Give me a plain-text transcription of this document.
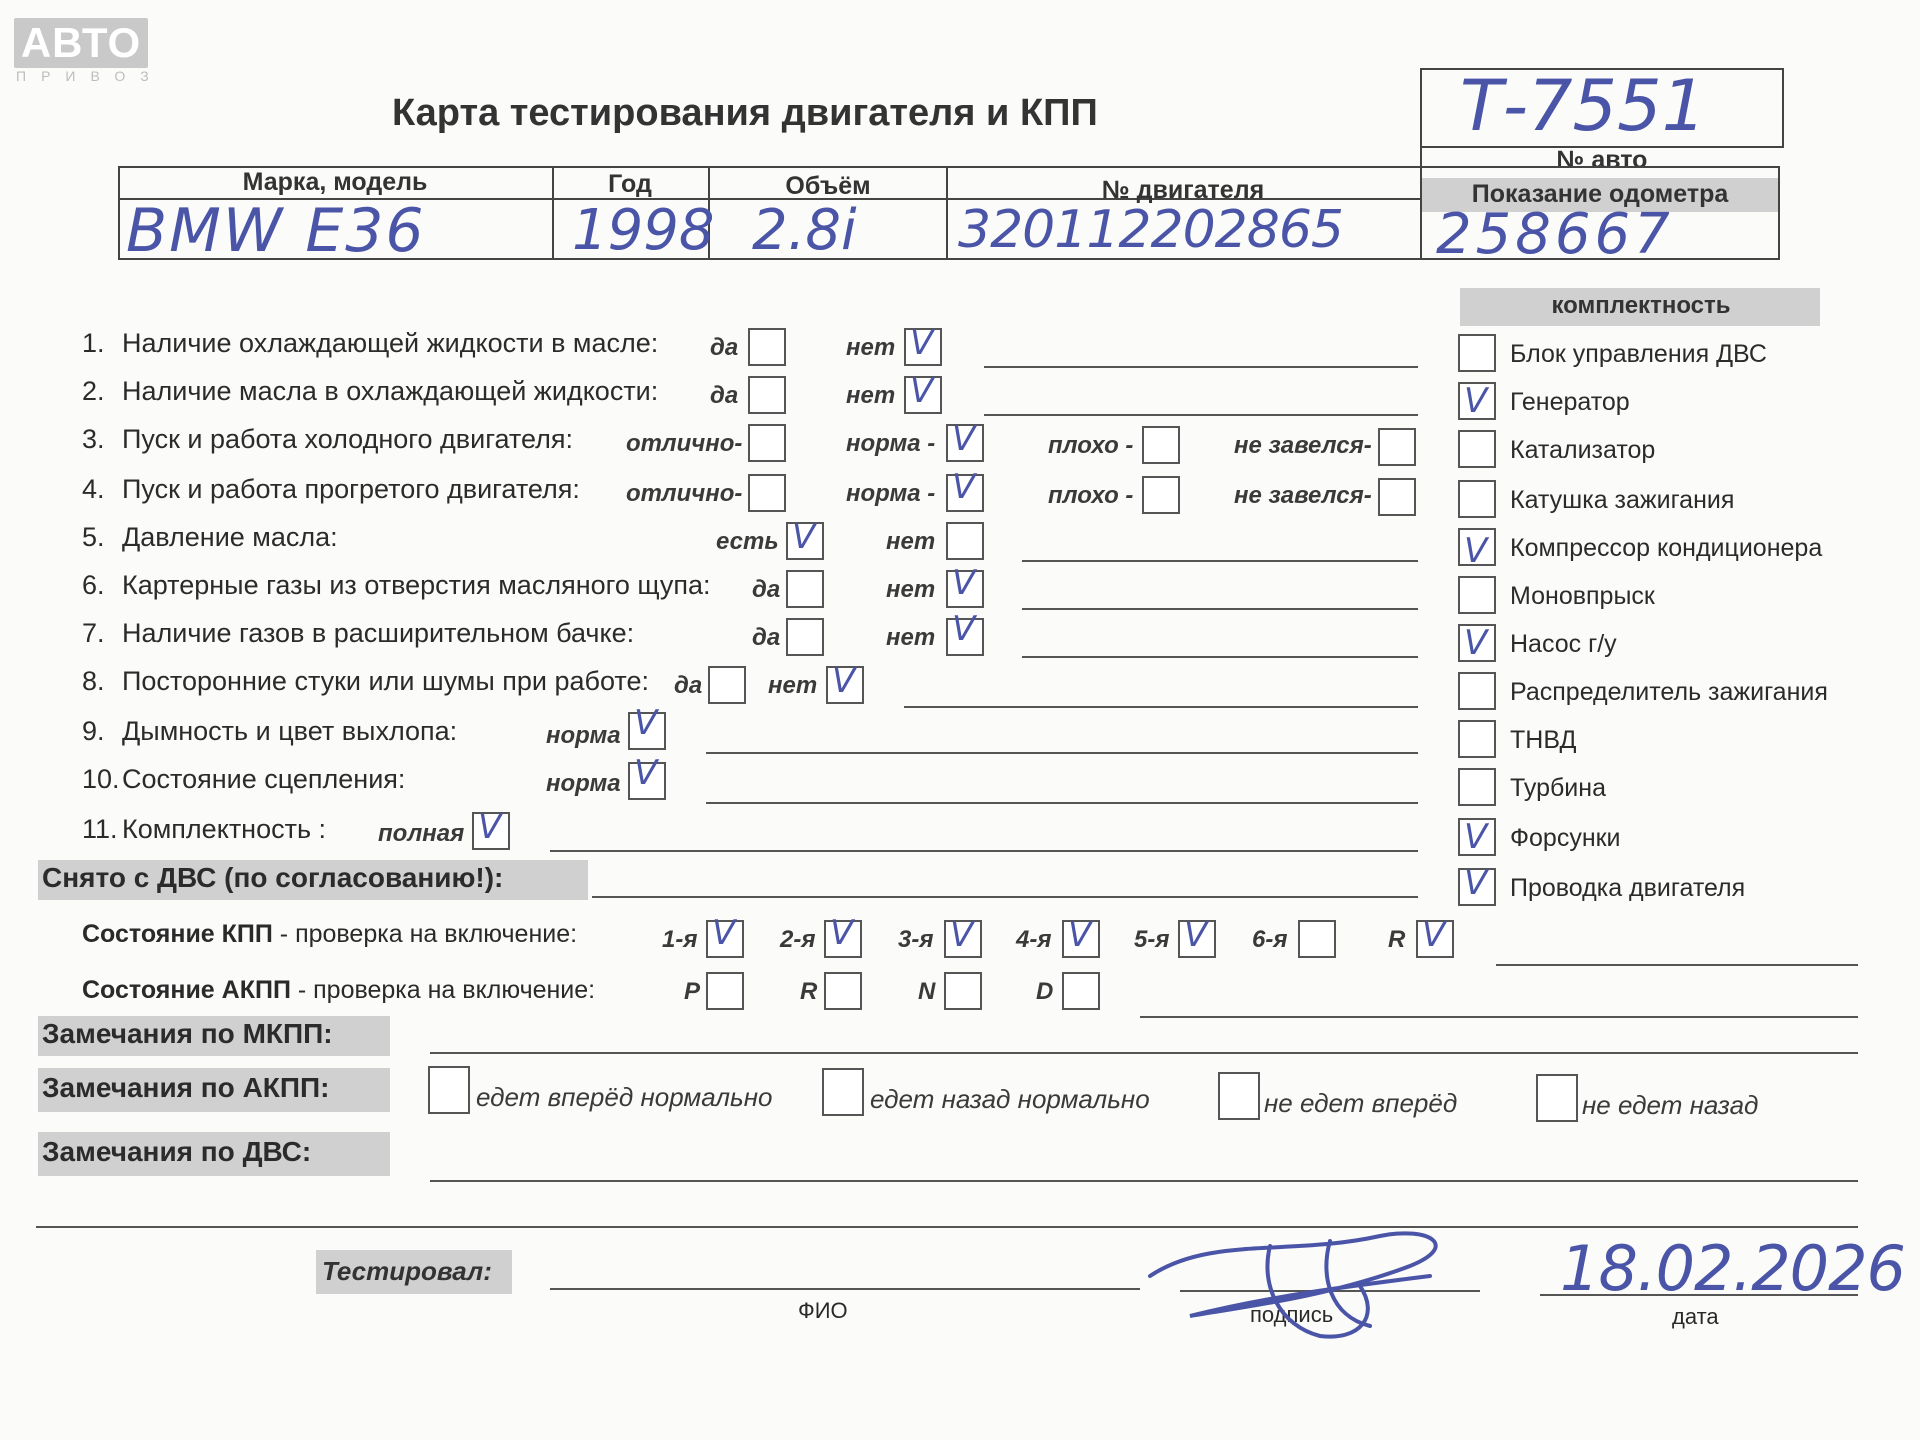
АВТО
ПРИВОЗ
Карта тестирования двигателя и КПП	Т-7551
№ авто
Марка, модель	Год	Объём	№ двигателя	Показание одометра
BMW E36	1998 2.8i 320112202865 258667
1. Наличие охлаждающей жидкости в масле: да	нет V
2. Наличие масла в охлаждающей жидкости: да	нет V
3. Пуск и работа холодного двигателя: отлично-	норма - V	плохо -	не завелся-
4. Пуск и работа прогретого двигателя: отлично-	норма - V	плохо -	не завелся-
5. Давление масла:	есть V	нет
6. Картерные газы из отверстия масляного щупа: да	нет V
7. Наличие газов в расширительном бачке:	да	нет V
8. Посторонние стуки или шумы при работе: да	нет V
9. Дымность и цвет выхлопа:	норма V
10. Состояние сцепления:	норма V
11. Комплектность : полная V
комплектность
Блок управления ДВС
V Генератор
Катализатор
Катушка зажигания
V Компрессор кондиционера
Моновпрыск
V Насос г/у
Распределитель зажигания
ТНВД
Турбина
V Форсунки
V Проводка двигателя
Снято с ДВС (по согласованию!):
Состояние КПП - проверка на включение:	1-я V 2-я V 3-я V 4-я V 5-я V 6-я	R V
Состояние АКПП - проверка на включение:	P	R	N	D
Замечания по МКПП:
Замечания по АКПП:	едет вперёд нормально	едет назад нормально	не едет вперёд	не едет назад
Замечания по ДВС:
Тестировал:
ФИО	подпись
18.02.2026
дата
